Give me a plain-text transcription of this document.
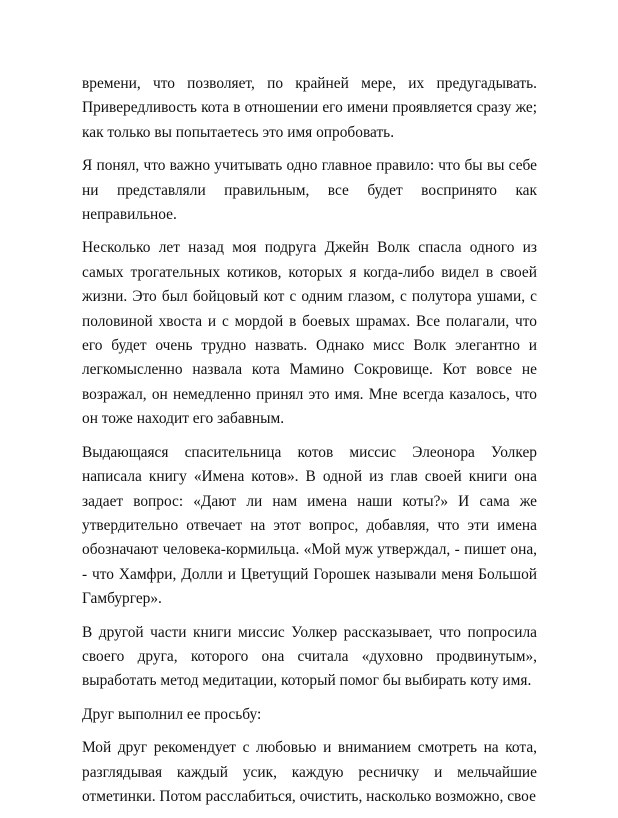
времени, что позволяет, по крайней мере, их предугадывать. Привередливость кота в отношении его имени проявляется сразу же; как только вы попытаетесь это имя опробовать.

Я понял, что важно учитывать одно главное правило: что бы вы себе ни представляли правильным, все будет воспринято как неправильное.

Несколько лет назад моя подруга Джейн Волк спасла одного из самых трогательных котиков, которых я когда-либо видел в своей жизни. Это был бойцовый кот с одним глазом, с полутора ушами, с половиной хвоста и с мордой в боевых шрамах. Все полагали, что его будет очень трудно назвать. Однако мисс Волк элегантно и легкомысленно назвала кота Мамино Сокровище. Кот вовсе не возражал, он немедленно принял это имя. Мне всегда казалось, что он тоже находит его забавным.

Выдающаяся спасительница котов миссис Элеонора Уолкер написала книгу «Имена котов». В одной из глав своей книги она задает вопрос: «Дают ли нам имена наши коты?» И сама же утвердительно отвечает на этот вопрос, добавляя, что эти имена обозначают человека-кормильца. «Мой муж утверждал, - пишет она, - что Хамфри, Долли и Цветущий Горошек называли меня Большой Гамбургер».

В другой части книги миссис Уолкер рассказывает, что попросила своего друга, которого она считала «духовно продвинутым», выработать метод медитации, который помог бы выбирать коту имя.

Друг выполнил ее просьбу:

Мой друг рекомендует с любовью и вниманием смотреть на кота, разглядывая каждый усик, каждую ресничку и мельчайшие отметинки. Потом расслабиться, очистить, насколько возможно, свое
